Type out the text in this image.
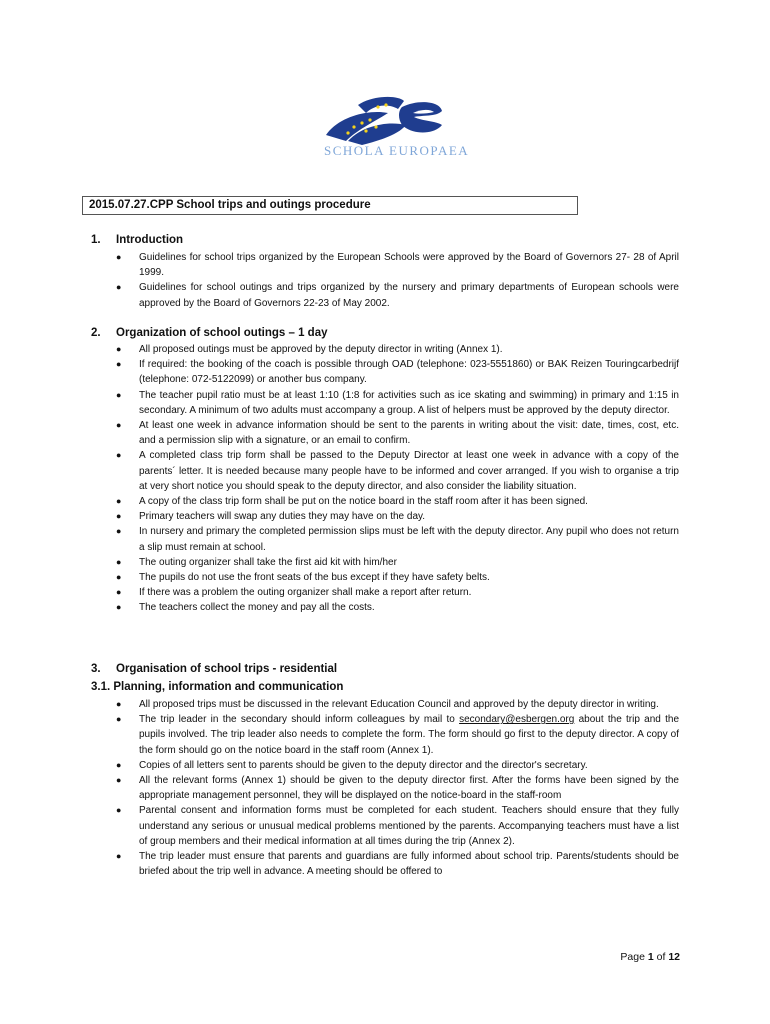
SCHOLA EUROPAEA
2015.07.27.CPP School trips and outings procedure
1. Introduction
● Guidelines for school trips organized by the European Schools were approved by the Board of Governors 27- 28 of April 1999.
● Guidelines for school outings and trips organized by the nursery and primary departments of European schools were approved by the Board of Governors 22-23 of May 2002.
2. Organization of school outings – 1 day
● All proposed outings must be approved by the deputy director in writing (Annex 1).
● If required: the booking of the coach is possible through OAD (telephone: 023-5551860) or BAK Reizen Touringcarbedrijf (telephone: 072-5122099) or another bus company.
● The teacher pupil ratio must be at least 1:10 (1:8 for activities such as ice skating and swimming) in primary and 1:15 in secondary. A minimum of two adults must accompany a group. A list of helpers must be approved by the deputy director.
● At least one week in advance information should be sent to the parents in writing about the visit: date, times, cost, etc. and a permission slip with a signature, or an email to confirm.
● A completed class trip form shall be passed to the Deputy Director at least one week in advance with a copy of the parents´ letter. It is needed because many people have to be informed and cover arranged. If you wish to organise a trip at very short notice you should speak to the deputy director, and also consider the liability situation.
● A copy of the class trip form shall be put on the notice board in the staff room after it has been signed.
● Primary teachers will swap any duties they may have on the day.
● In nursery and primary the completed permission slips must be left with the deputy director. Any pupil who does not return a slip must remain at school.
● The outing organizer shall take the first aid kit with him/her
● The pupils do not use the front seats of the bus except if they have safety belts.
● If there was a problem the outing organizer shall make a report after return.
● The teachers collect the money and pay all the costs.
3. Organisation of school trips - residential
3.1. Planning, information and communication
● All proposed trips must be discussed in the relevant Education Council and approved by the deputy director in writing.
● The trip leader in the secondary should inform colleagues by mail to secondary@esbergen.org about the trip and the pupils involved. The trip leader also needs to complete the form. The form should go first to the deputy director. A copy of the form should go on the notice board in the staff room (Annex 1).
● Copies of all letters sent to parents should be given to the deputy director and the director's secretary.
● All the relevant forms (Annex 1) should be given to the deputy director first. After the forms have been signed by the appropriate management personnel, they will be displayed on the notice-board in the staff-room
● Parental consent and information forms must be completed for each student. Teachers should ensure that they fully understand any serious or unusual medical problems mentioned by the parents. Accompanying teachers must have a list of group members and their medical information at all times during the trip (Annex 2).
● The trip leader must ensure that parents and guardians are fully informed about school trip. Parents/students should be briefed about the trip well in advance. A meeting should be offered to
Page 1 of 12
